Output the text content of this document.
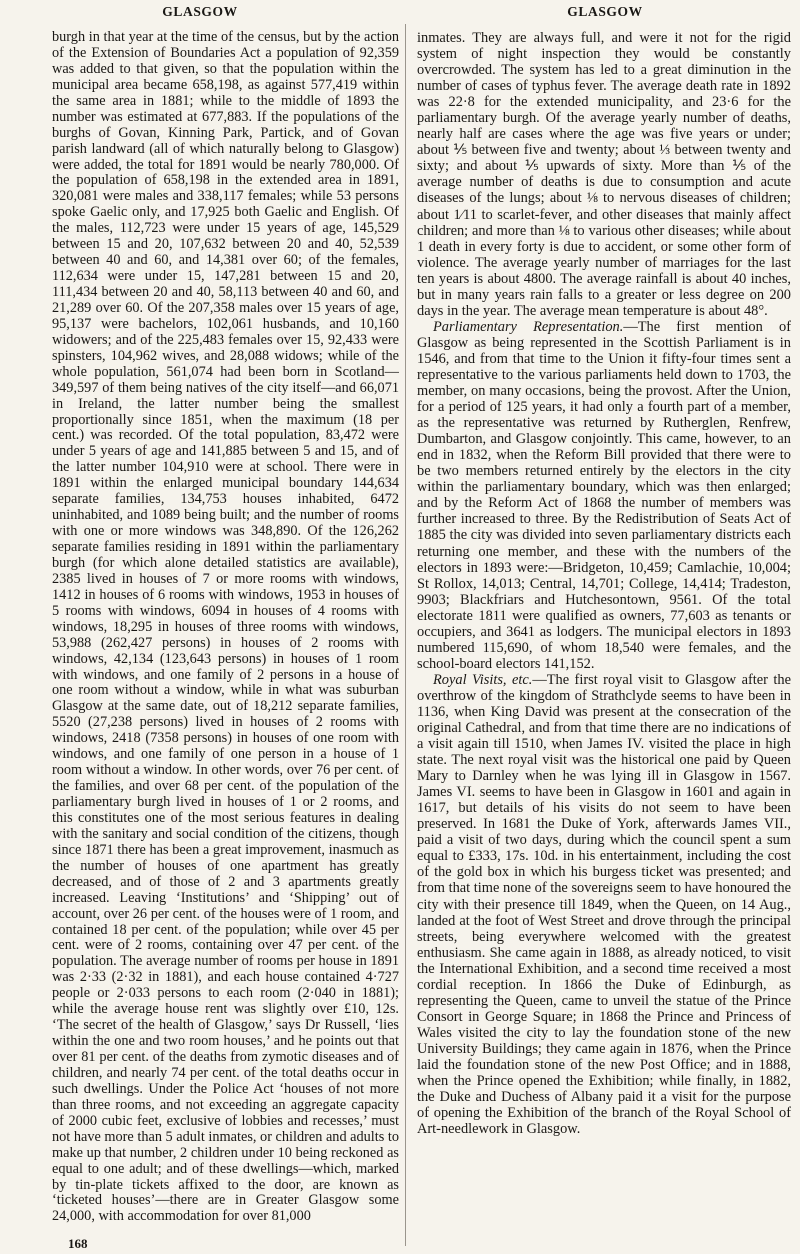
GLASGOW	GLASGOW

burgh in that year at the time of the census, but by the action of the Extension of Boundaries Act a population of 92,359 was added to that given, so that the population within the municipal area became 658,198, as against 577,419 within the same area in 1881; while to the middle of 1893 the number was estimated at 677,883. If the populations of the burghs of Govan, Kinning Park, Partick, and of Govan parish landward (all of which naturally belong to Glasgow) were added, the total for 1891 would be nearly 780,000. Of the population of 658,198 in the extended area in 1891, 320,081 were males and 338,117 females; while 53 persons spoke Gaelic only, and 17,925 both Gaelic and English. Of the males, 112,723 were under 15 years of age, 145,529 between 15 and 20, 107,632 between 20 and 40, 52,539 between 40 and 60, and 14,381 over 60; of the females, 112,634 were under 15, 147,281 between 15 and 20, 111,434 between 20 and 40, 58,113 between 40 and 60, and 21,289 over 60. Of the 207,358 males over 15 years of age, 95,137 were bachelors, 102,061 husbands, and 10,160 widowers; and of the 225,483 females over 15, 92,433 were spinsters, 104,962 wives, and 28,088 widows; while of the whole population, 561,074 had been born in Scotland—349,597 of them being natives of the city itself—and 66,071 in Ireland, the latter number being the smallest proportionally since 1851, when the maximum (18 per cent.) was recorded. Of the total population, 83,472 were under 5 years of age and 141,885 between 5 and 15, and of the latter number 104,910 were at school. There were in 1891 within the enlarged municipal boundary 144,634 separate families, 134,753 houses inhabited, 6472 uninhabited, and 1089 being built; and the number of rooms with one or more windows was 348,890. Of the 126,262 separate families residing in 1891 within the parliamentary burgh (for which alone detailed statistics are available), 2385 lived in houses of 7 or more rooms with windows, 1412 in houses of 6 rooms with windows, 1953 in houses of 5 rooms with windows, 6094 in houses of 4 rooms with windows, 18,295 in houses of three rooms with windows, 53,988 (262,427 persons) in houses of 2 rooms with windows, 42,134 (123,643 persons) in houses of 1 room with windows, and one family of 2 persons in a house of one room without a window, while in what was suburban Glasgow at the same date, out of 18,212 separate families, 5520 (27,238 persons) lived in houses of 2 rooms with windows, 2418 (7358 persons) in houses of one room with windows, and one family of one person in a house of 1 room without a window. In other words, over 76 per cent. of the families, and over 68 per cent. of the population of the parliamentary burgh lived in houses of 1 or 2 rooms, and this constitutes one of the most serious features in dealing with the sanitary and social condition of the citizens, though since 1871 there has been a great improvement, inasmuch as the number of houses of one apartment has greatly decreased, and of those of 2 and 3 apartments greatly increased. Leaving ‘Institutions’ and ‘Shipping’ out of account, over 26 per cent. of the houses were of 1 room, and contained 18 per cent. of the population; while over 45 per cent. were of 2 rooms, containing over 47 per cent. of the population. The average number of rooms per house in 1891 was 2·33 (2·32 in 1881), and each house contained 4·727 people or 2·033 persons to each room (2·040 in 1881); while the average house rent was slightly over £10, 12s. ‘The secret of the health of Glasgow,’ says Dr Russell, ‘lies within the one and two room houses,’ and he points out that over 81 per cent. of the deaths from zymotic diseases and of children, and nearly 74 per cent. of the total deaths occur in such dwellings. Under the Police Act ‘houses of not more than three rooms, and not exceeding an aggregate capacity of 2000 cubic feet, exclusive of lobbies and recesses,’ must not have more than 5 adult inmates, or children and adults to make up that number, 2 children under 10 being reckoned as equal to one adult; and of these dwellings—which, marked by tin-plate tickets affixed to the door, are known as ‘ticketed houses’—there are in Greater Glasgow some 24,000, with accommodation for over 81,000

inmates. They are always full, and were it not for the rigid system of night inspection they would be constantly overcrowded. The system has led to a great diminution in the number of cases of typhus fever. The average death rate in 1892 was 22·8 for the extended municipality, and 23·6 for the parliamentary burgh. Of the average yearly number of deaths, nearly half are cases where the age was five years or under; about ⅕ between five and twenty; about ⅓ between twenty and sixty; and about ⅕ upwards of sixty. More than ⅕ of the average number of deaths is due to consumption and acute diseases of the lungs; about ⅛ to nervous diseases of children; about 1⁄11 to scarlet-fever, and other diseases that mainly affect children; and more than ⅛ to various other diseases; while about 1 death in every forty is due to accident, or some other form of violence. The average yearly number of marriages for the last ten years is about 4800. The average rainfall is about 40 inches, but in many years rain falls to a greater or less degree on 200 days in the year. The average mean temperature is about 48°.

Parliamentary Representation.—The first mention of Glasgow as being represented in the Scottish Parliament is in 1546, and from that time to the Union it fifty-four times sent a representative to the various parliaments held down to 1703, the member, on many occasions, being the provost. After the Union, for a period of 125 years, it had only a fourth part of a member, as the representative was returned by Rutherglen, Renfrew, Dumbarton, and Glasgow conjointly. This came, however, to an end in 1832, when the Reform Bill provided that there were to be two members returned entirely by the electors in the city within the parliamentary boundary, which was then enlarged; and by the Reform Act of 1868 the number of members was further increased to three. By the Redistribution of Seats Act of 1885 the city was divided into seven parliamentary districts each returning one member, and these with the numbers of the electors in 1893 were:—Bridgeton, 10,459; Camlachie, 10,004; St Rollox, 14,013; Central, 14,701; College, 14,414; Tradeston, 9903; Blackfriars and Hutchesontown, 9561. Of the total electorate 1811 were qualified as owners, 77,603 as tenants or occupiers, and 3641 as lodgers. The municipal electors in 1893 numbered 115,690, of whom 18,540 were females, and the school-board electors 141,152.

Royal Visits, etc.—The first royal visit to Glasgow after the overthrow of the kingdom of Strathclyde seems to have been in 1136, when King David was present at the consecration of the original Cathedral, and from that time there are no indications of a visit again till 1510, when James IV. visited the place in high state. The next royal visit was the historical one paid by Queen Mary to Darnley when he was lying ill in Glasgow in 1567. James VI. seems to have been in Glasgow in 1601 and again in 1617, but details of his visits do not seem to have been preserved. In 1681 the Duke of York, afterwards James VII., paid a visit of two days, during which the council spent a sum equal to £333, 17s. 10d. in his entertainment, including the cost of the gold box in which his burgess ticket was presented; and from that time none of the sovereigns seem to have honoured the city with their presence till 1849, when the Queen, on 14 Aug., landed at the foot of West Street and drove through the principal streets, being everywhere welcomed with the greatest enthusiasm. She came again in 1888, as already noticed, to visit the International Exhibition, and a second time received a most cordial reception. In 1866 the Duke of Edinburgh, as representing the Queen, came to unveil the statue of the Prince Consort in George Square; in 1868 the Prince and Princess of Wales visited the city to lay the foundation stone of the new University Buildings; they came again in 1876, when the Prince laid the foundation stone of the new Post Office; and in 1888, when the Prince opened the Exhibition; while finally, in 1882, the Duke and Duchess of Albany paid it a visit for the purpose of opening the Exhibition of the branch of the Royal School of Art-needlework in Glasgow.

168
